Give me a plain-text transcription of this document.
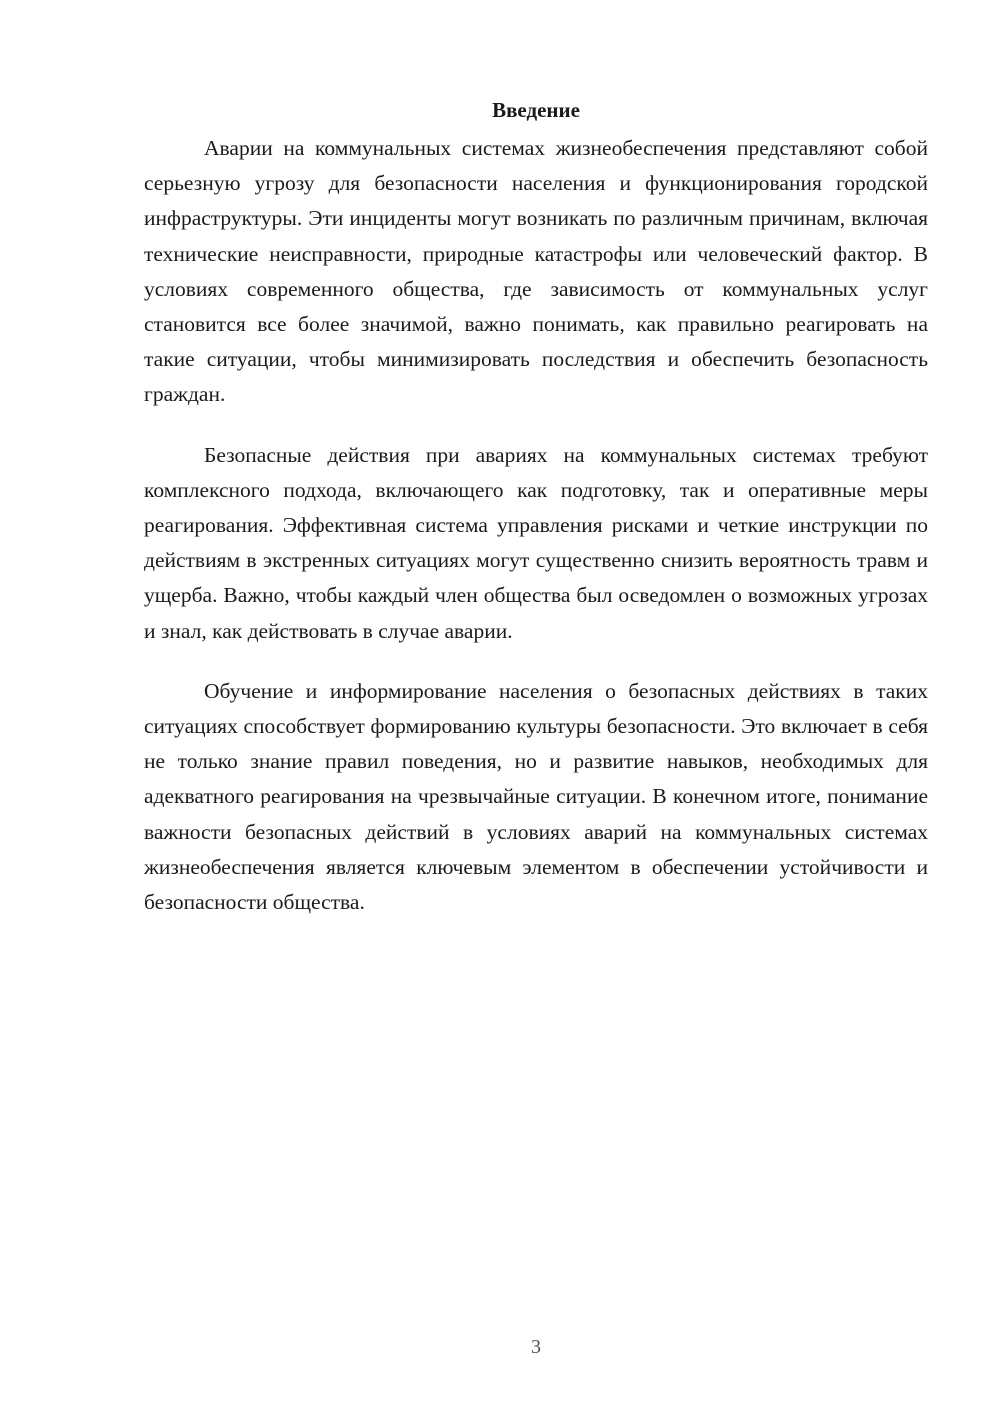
Введение

Аварии на коммунальных системах жизнеобеспечения представляют собой серьезную угрозу для безопасности населения и функционирования городской инфраструктуры. Эти инциденты могут возникать по различным причинам, включая технические неисправности, природные катастрофы или человеческий фактор. В условиях современного общества, где зависимость от коммунальных услуг становится все более значимой, важно понимать, как правильно реагировать на такие ситуации, чтобы минимизировать последствия и обеспечить безопасность граждан.

Безопасные действия при авариях на коммунальных системах требуют комплексного подхода, включающего как подготовку, так и оперативные меры реагирования. Эффективная система управления рисками и четкие инструкции по действиям в экстренных ситуациях могут существенно снизить вероятность травм и ущерба. Важно, чтобы каждый член общества был осведомлен о возможных угрозах и знал, как действовать в случае аварии.

Обучение и информирование населения о безопасных действиях в таких ситуациях способствует формированию культуры безопасности. Это включает в себя не только знание правил поведения, но и развитие навыков, необходимых для адекватного реагирования на чрезвычайные ситуации. В конечном итоге, понимание важности безопасных действий в условиях аварий на коммунальных системах жизнеобеспечения является ключевым элементом в обеспечении устойчивости и безопасности общества.

3
